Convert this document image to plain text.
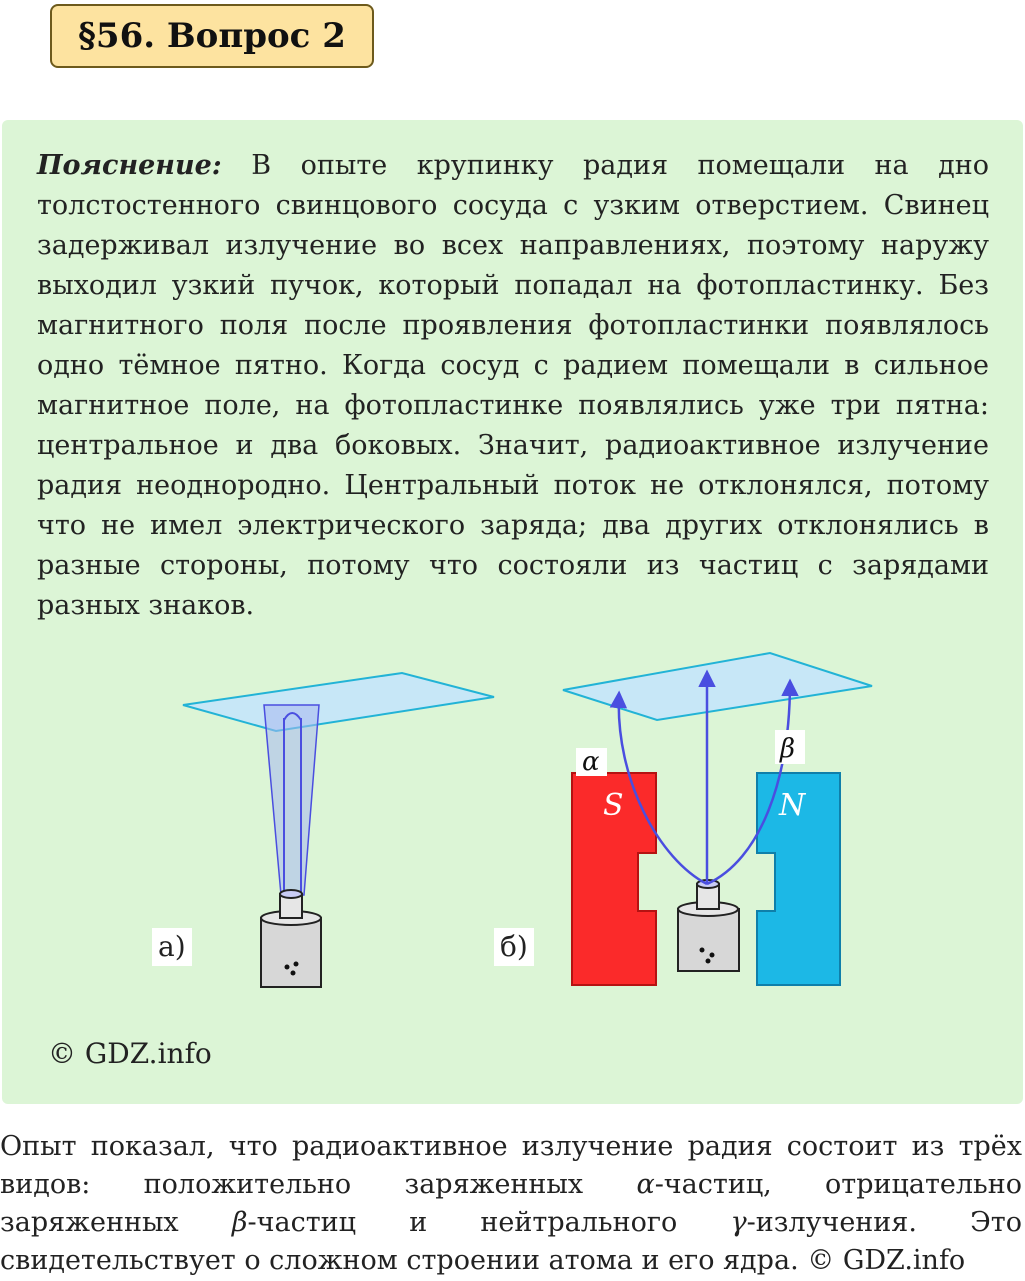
§56. Вопрос 2
Пояснение: В опыте крупинку радия помещали на дно толстостенного свинцового сосуда с узким отверстием. Свинец задерживал излучение во всех направлениях, поэтому наружу выходил узкий пучок, который попадал на фотопластинку. Без магнитного поля после проявления фотопластинки появлялось одно тёмное пятно. Когда сосуд с радием помещали в сильное магнитное поле, на фотопластинке появлялись уже три пятна: центральное и два боковых. Значит, радиоактивное излучение радия неоднородно. Центральный поток не отклонялся, потому что не имел электрического заряда; два других отклонялись в разные стороны, потому что состояли из частиц с зарядами разных знаков.
α	β
S	N
а)	б)
© GDZ.info
Опыт показал, что радиоактивное излучение радия состоит из трёх видов: положительно заряженных α-частиц, отрицательно заряженных β-частиц и нейтрального γ-излучения. Это свидетельствует о сложном строении атома и его ядра. © GDZ.info
